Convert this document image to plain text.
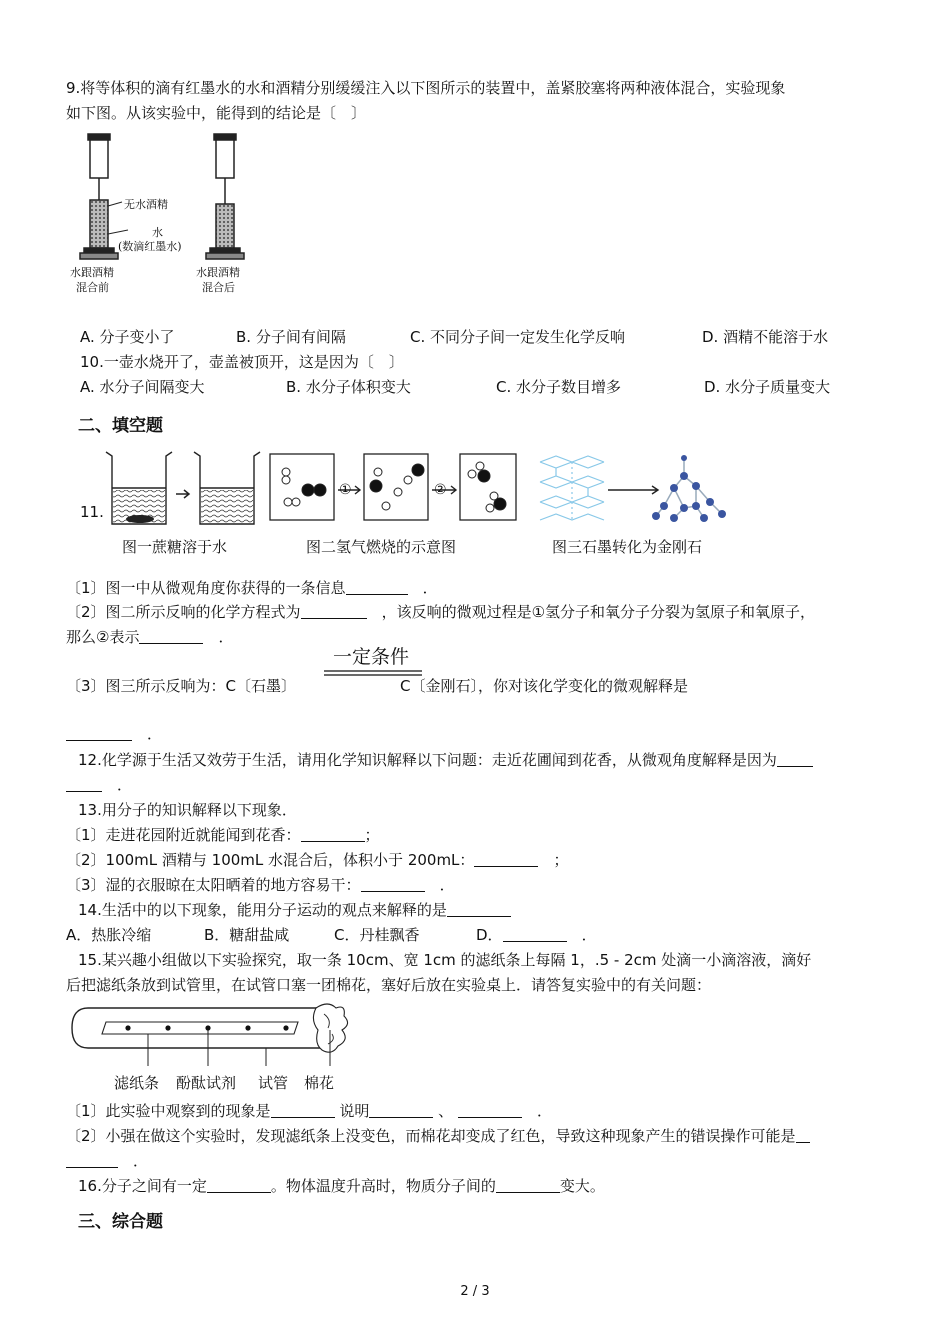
9.将等体积的滴有红墨水的水和酒精分别缓缓注入以下图所示的装置中，盖紧胶塞将两种液体混合，实验现象
如下图。从该实验中，能得到的结论是〔　〕
无水酒精
水
(数滴红墨水)
水跟酒精
混合前
水跟酒精
混合后
A. 分子变小了	B. 分子间有间隔	C. 不同分子间一定发生化学反响	D. 酒精不能溶于水
10.一壶水烧开了，壶盖被顶开，这是因为〔　〕
A. 水分子间隔变大	B. 水分子体积变大	C. 水分子数目增多	D. 水分子质量变大
二、填空题
11.
①	②
图一蔗糖溶于水	图二氢气燃烧的示意图	图三石墨转化为金刚石
〔1〕图一中从微观角度你获得的一条信息　	．
〔2〕图二所示反响的化学方程式为　	，该反响的微观过程是①氢分子和氧分子分裂为氢原子和氧原子，
那么②表示　	．
一定条件
〔3〕图三所示反响为：C〔石墨〕	C〔金刚石〕，你对该化学变化的微观解释是
　．
12.化学源于生活又效劳于生活，请用化学知识解释以下问题：走近花圃闻到花香，从微观角度解释是因为
　．
13.用分子的知识解释以下现象．
〔1〕走进花园附近就能闻到花香：	；
〔2〕100mL 酒精与 100mL 水混合后，体积小于 200mL：　	；
〔3〕湿的衣服晾在太阳晒着的地方容易干：　	．
14.生活中的以下现象，能用分子运动的观点来解释的是
A．热胀冷缩	B．糖甜盐咸	C．丹桂飘香	D．　	．
15.某兴趣小组做以下实验探究，取一条 10cm、宽 1cm 的滤纸条上每隔 1，.5 - 2cm 处滴一小滴溶液，滴好
后把滤纸条放到试管里，在试管口塞一团棉花，塞好后放在实验桌上．请答复实验中的有关问题：
滤纸条 酚酞试剂 试管 棉花
〔1〕此实验中观察到的现象是	说明	、 　	．
〔2〕小强在做这个实验时，发现滤纸条上没变色，而棉花却变成了红色，导致这种现象产生的错误操作可能是
　．
16.分子之间有一定	。物体温度升高时，物质分子间的	变大。
三、综合题
2 / 3
